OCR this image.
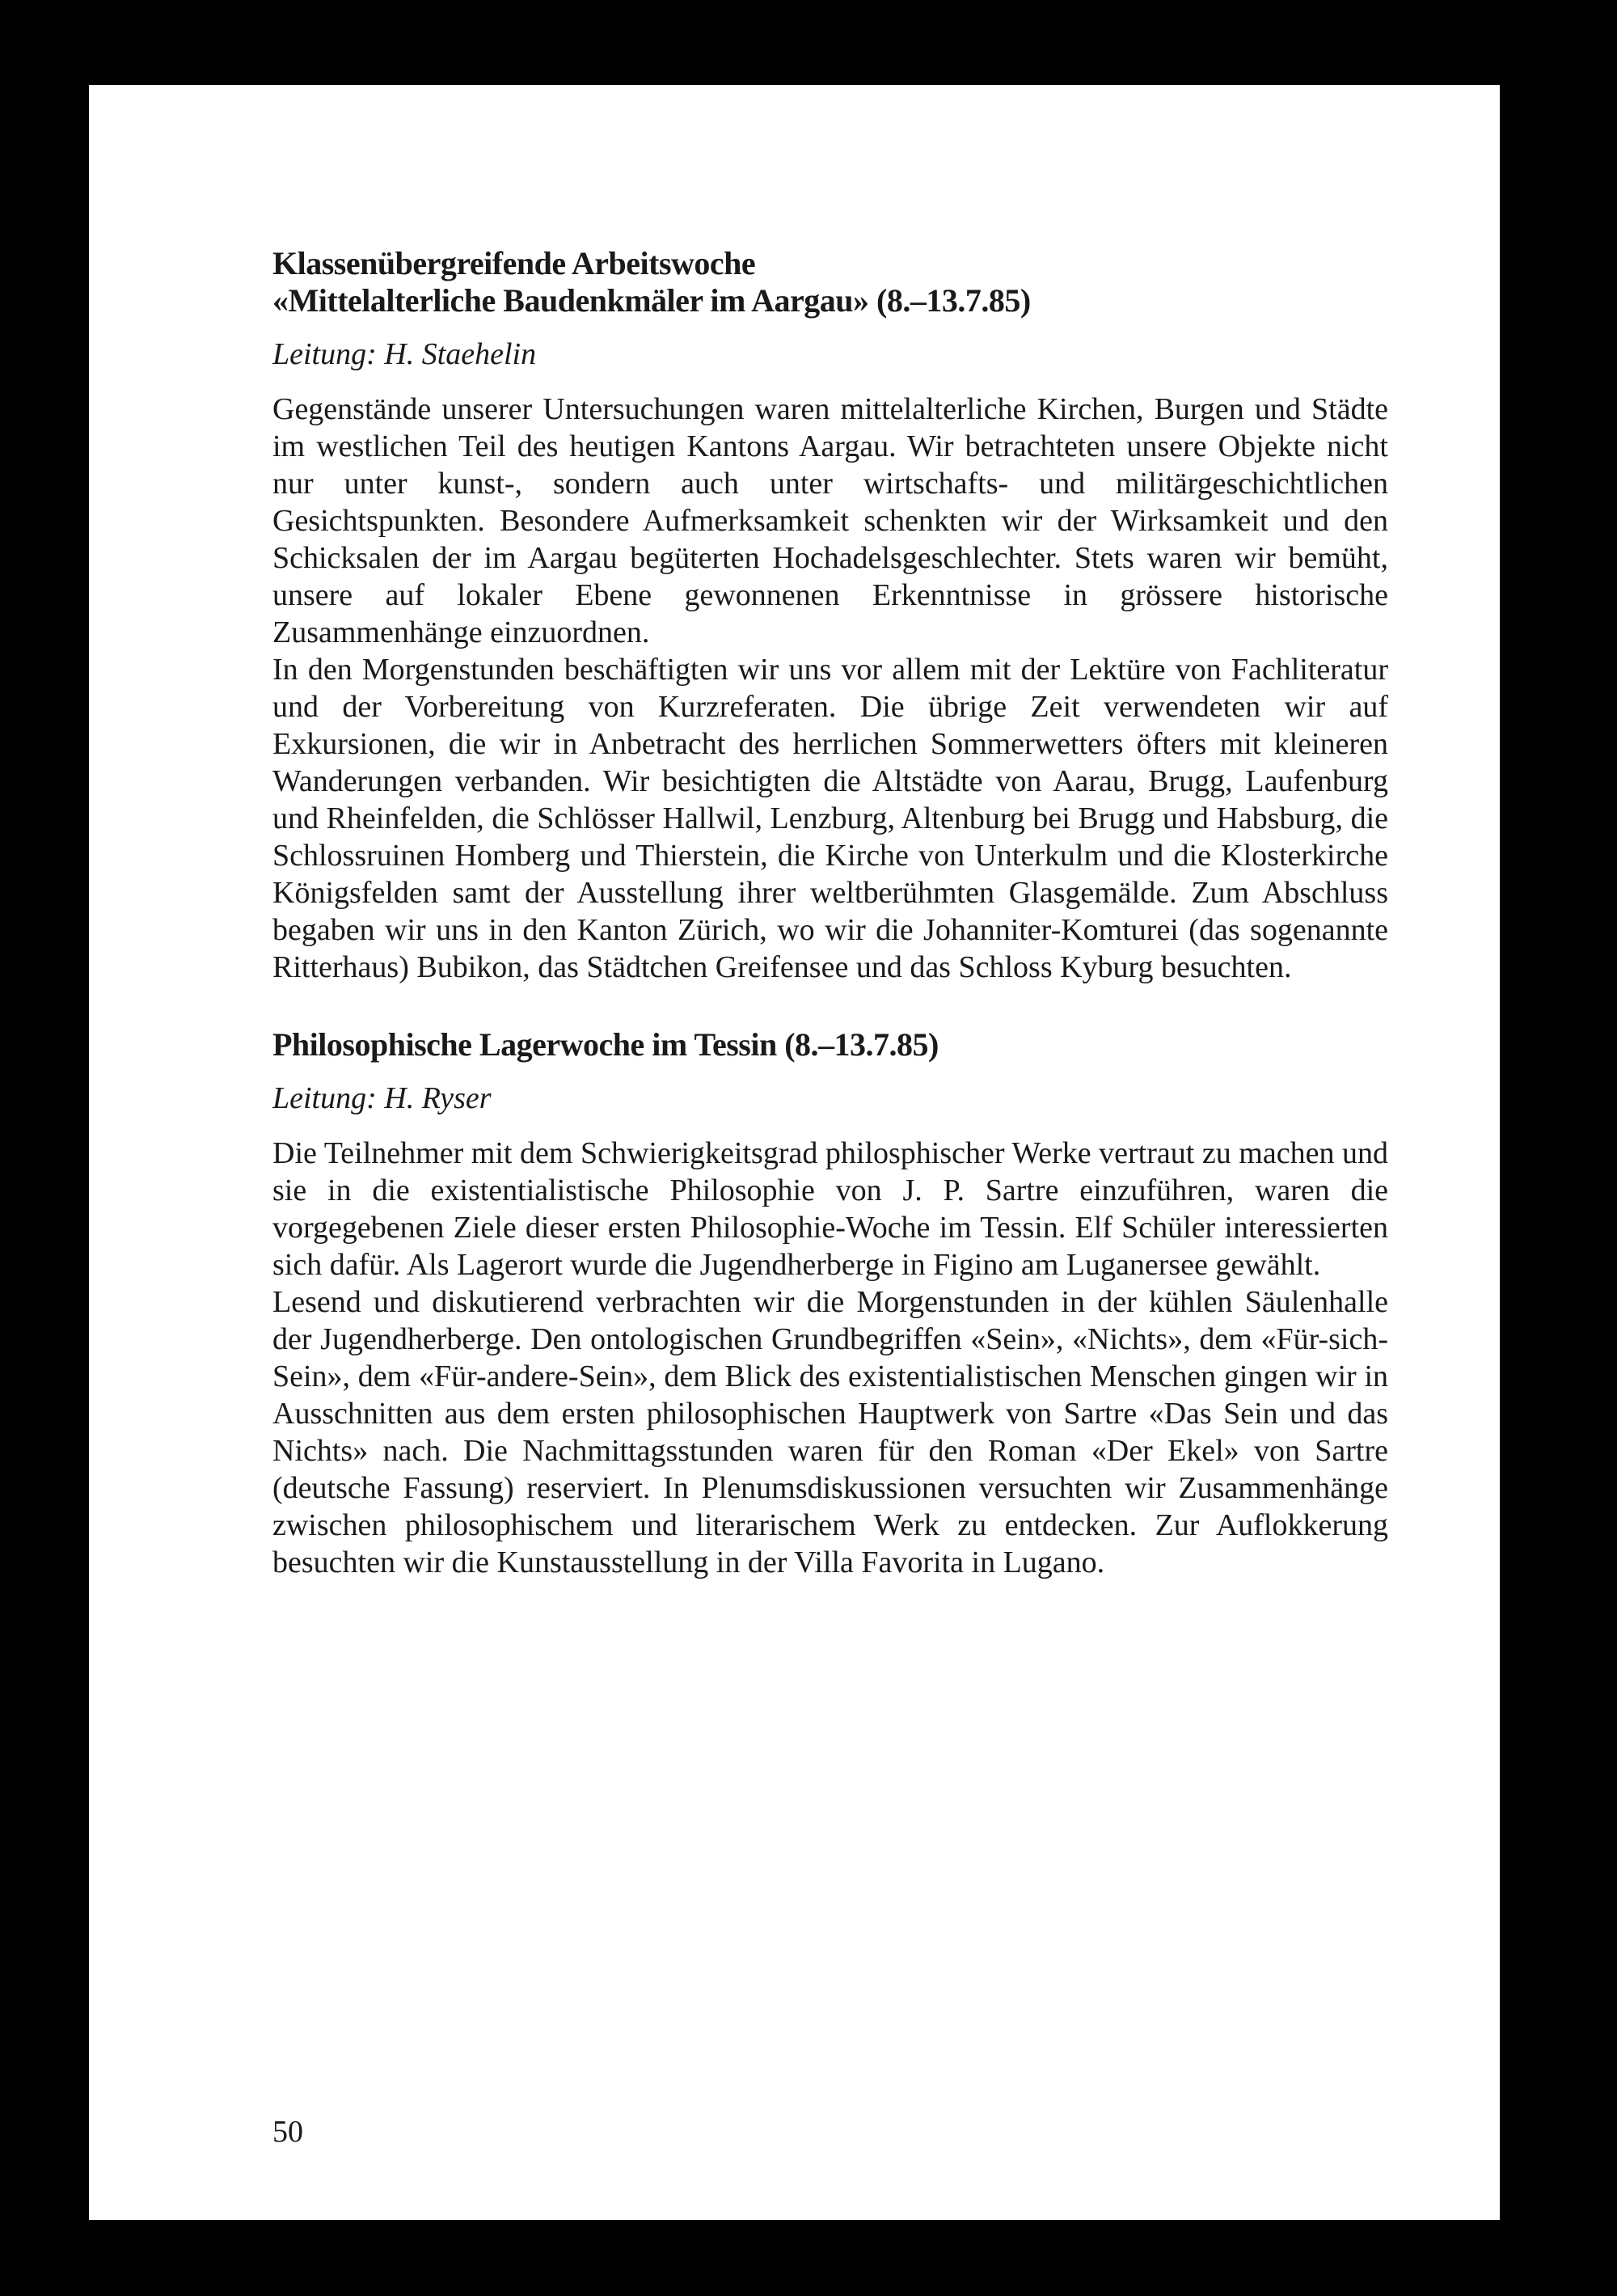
Klassenübergreifende Arbeitswoche
«Mittelalterliche Baudenkmäler im Aargau» (8.–13.7.85)
Leitung: H. Staehelin

Gegenstände unserer Untersuchungen waren mittelalterliche Kirchen, Burgen und Städte im westlichen Teil des heutigen Kantons Aargau. Wir betrachteten unsere Objekte nicht nur unter kunst-, sondern auch unter wirtschafts- und militärgeschichtlichen Gesichtspunkten. Besondere Aufmerksamkeit schenkten wir der Wirksamkeit und den Schicksalen der im Aargau begüterten Hochadelsgeschlechter. Stets waren wir bemüht, unsere auf lokaler Ebene gewonnenen Erkenntnisse in grössere historische Zusammenhänge einzuordnen.

In den Morgenstunden beschäftigten wir uns vor allem mit der Lektüre von Fachliteratur und der Vorbereitung von Kurzreferaten. Die übrige Zeit verwendeten wir auf Exkursionen, die wir in Anbetracht des herrlichen Sommerwetters öfters mit kleineren Wanderungen verbanden. Wir besichtigten die Altstädte von Aarau, Brugg, Laufenburg und Rheinfelden, die Schlösser Hallwil, Lenzburg, Altenburg bei Brugg und Habsburg, die Schlossruinen Homberg und Thierstein, die Kirche von Unterkulm und die Klosterkirche Königsfelden samt der Ausstellung ihrer weltberühmten Glasgemälde. Zum Abschluss begaben wir uns in den Kanton Zürich, wo wir die Johanniter-Komturei (das sogenannte Ritterhaus) Bubikon, das Städtchen Greifensee und das Schloss Kyburg besuchten.

Philosophische Lagerwoche im Tessin (8.–13.7.85)
Leitung: H. Ryser

Die Teilnehmer mit dem Schwierigkeitsgrad philosphischer Werke vertraut zu machen und sie in die existentialistische Philosophie von J. P. Sartre einzuführen, waren die vorgegebenen Ziele dieser ersten Philosophie-Woche im Tessin. Elf Schüler interessierten sich dafür. Als Lagerort wurde die Jugendherberge in Figino am Luganersee gewählt.

Lesend und diskutierend verbrachten wir die Morgenstunden in der kühlen Säulenhalle der Jugendherberge. Den ontologischen Grundbegriffen «Sein», «Nichts», dem «Für-sich-Sein», dem «Für-andere-Sein», dem Blick des existentialistischen Menschen gingen wir in Ausschnitten aus dem ersten philosophischen Hauptwerk von Sartre «Das Sein und das Nichts» nach. Die Nachmittagsstunden waren für den Roman «Der Ekel» von Sartre (deutsche Fassung) reserviert. In Plenumsdiskussionen versuchten wir Zusammenhänge zwischen philosophischem und literarischem Werk zu entdecken. Zur Auflokkerung besuchten wir die Kunstausstellung in der Villa Favorita in Lugano.

50
